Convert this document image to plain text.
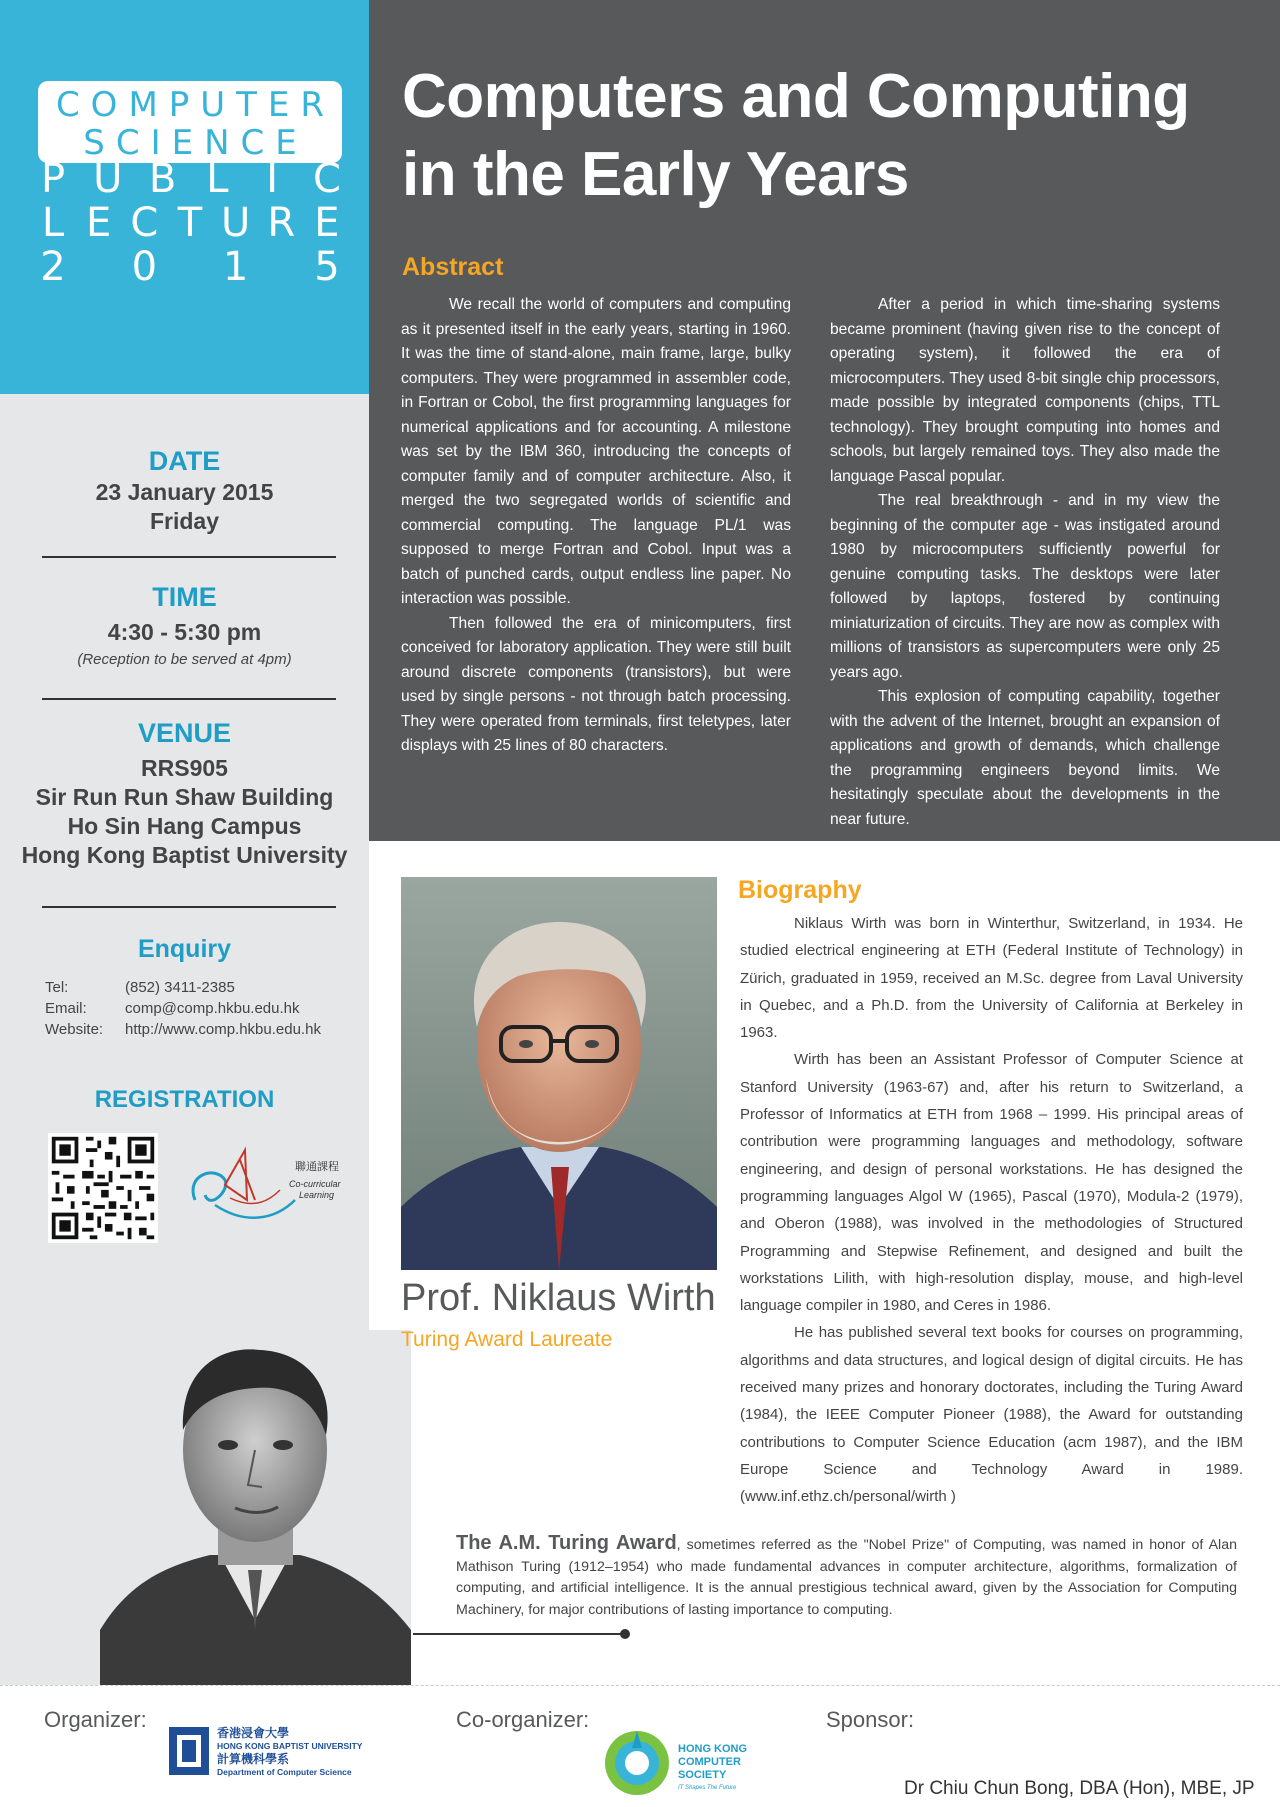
COMPUTER
SCIENCE
P U B L I C
L E C T U R E
2 0 1 5
DATE
23 January 2015
Friday
TIME
4:30 - 5:30 pm
(Reception to be served at 4pm)
VENUE
RRS905
Sir Run Run Shaw Building
Ho Sin Hang Campus
Hong Kong Baptist University
Enquiry
Tel:	(852) 3411-2385
Email:	comp@comp.hkbu.edu.hk
Website: http://www.comp.hkbu.edu.hk
REGISTRATION
聯通課程
Co-curricular
Learning
Computers and Computing
in the Early Years
Abstract

We recall the world of computers and computing as it presented itself in the early years, starting in 1960. It was the time of stand-alone, main frame, large, bulky computers. They were programmed in assembler code, in Fortran or Cobol, the first programming languages for numerical applications and for accounting. A milestone was set by the IBM 360, introducing the concepts of computer family and of computer architecture. Also, it merged the two segregated worlds of scientific and commercial computing. The language PL/1 was supposed to merge Fortran and Cobol. Input was a batch of punched cards, output endless line paper. No interaction was possible.

Then followed the era of minicomputers, first conceived for laboratory application. They were still built around discrete components (transistors), but were used by single persons - not through batch processing. They were operated from terminals, first teletypes, later displays with 25 lines of 80 characters.

After a period in which time-sharing systems became prominent (having given rise to the concept of operating system), it followed the era of microcomputers. They used 8-bit single chip processors, made possible by integrated components (chips, TTL technology). They brought computing into homes and schools, but largely remained toys. They also made the language Pascal popular.

The real breakthrough - and in my view the beginning of the computer age - was instigated around 1980 by microcomputers sufficiently powerful for genuine computing tasks. The desktops were later followed by laptops, fostered by continuing miniaturization of circuits. They are now as complex with millions of transistors as supercomputers were only 25 years ago.

This explosion of computing capability, together with the advent of the Internet, brought an expansion of applications and growth of demands, which challenge the programming engineers beyond limits. We hesitatingly speculate about the developments in the near future.

Prof. Niklaus Wirth
Turing Award Laureate
Biography

Niklaus Wirth was born in Winterthur, Switzerland, in 1934. He studied electrical engineering at ETH (Federal Institute of Technology) in Zürich, graduated in 1959, received an M.Sc. degree from Laval University in Quebec, and a Ph.D. from the University of California at Berkeley in 1963.

Wirth has been an Assistant Professor of Computer Science at Stanford University (1963-67) and, after his return to Switzerland, a Professor of Informatics at ETH from 1968 – 1999. His principal areas of contribution were programming languages and methodology, software engineering, and design of personal workstations. He has designed the programming languages Algol W (1965), Pascal (1970), Modula-2 (1979), and Oberon (1988), was involved in the methodologies of Structured Programming and Stepwise Refinement, and designed and built the workstations Lilith, with high-resolution display, mouse, and high-level language compiler in 1980, and Ceres in 1986.

He has published several text books for courses on programming, algorithms and data structures, and logical design of digital circuits. He has received many prizes and honorary doctorates, including the Turing Award (1984), the IEEE Computer Pioneer (1988), the Award for outstanding contributions to Computer Science Education (acm 1987), and the IBM Europe Science and Technology Award in 1989. (www.inf.ethz.ch/personal/wirth )

The A.M. Turing Award, sometimes referred as the "Nobel Prize" of Computing, was named in honor of Alan Mathison Turing (1912–1954) who made fundamental advances in computer architecture, algorithms, formalization of computing, and artificial intelligence. It is the annual prestigious technical award, given by the Association for Computing Machinery, for major contributions of lasting importance to computing.
Organizer:	Co-organizer:	Sponsor:
Dr Chiu Chun Bong, DBA (Hon), MBE, JP
香港浸會大學
HONG KONG BAPTIST UNIVERSITY
計算機科學系
Department of Computer Science
HONG KONG
COMPUTER
SOCIETY
IT Shapes The Future
